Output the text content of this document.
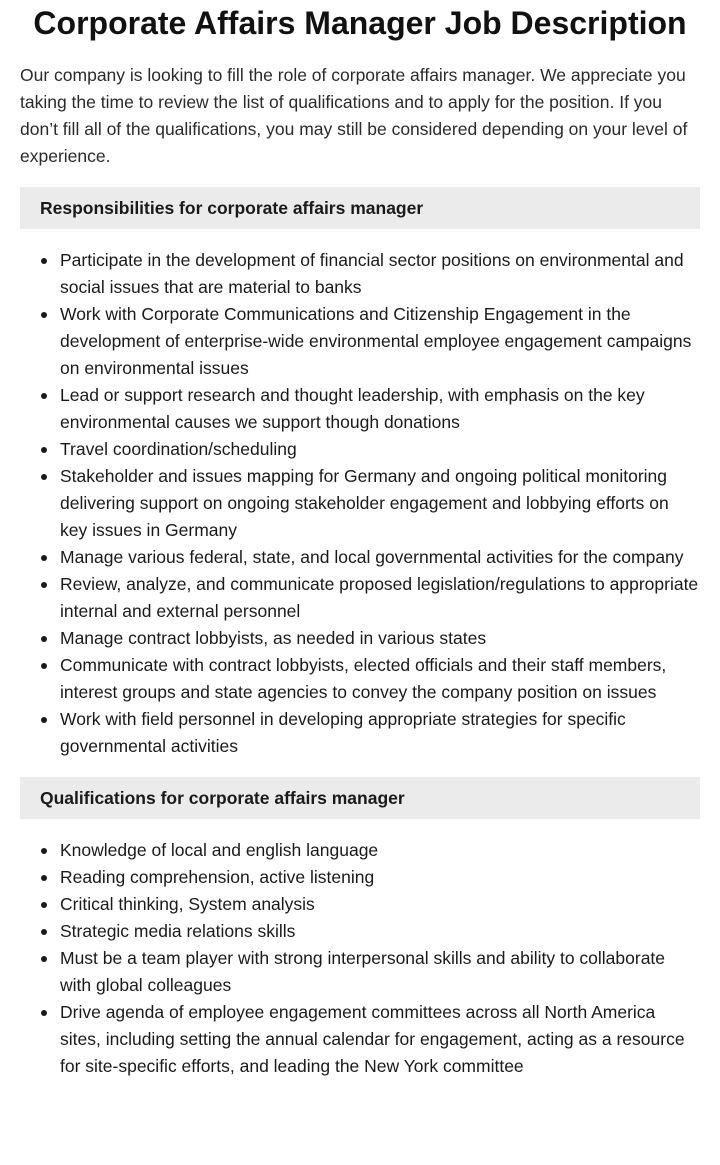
Corporate Affairs Manager Job Description

Our company is looking to fill the role of corporate affairs manager. We appreciate you taking the time to review the list of qualifications and to apply for the position. If you don’t fill all of the qualifications, you may still be considered depending on your level of experience.

Responsibilities for corporate affairs manager
Participate in the development of financial sector positions on environmental and social issues that are material to banks
Work with Corporate Communications and Citizenship Engagement in the development of enterprise-wide environmental employee engagement campaigns on environmental issues
Lead or support research and thought leadership, with emphasis on the key environmental causes we support though donations
Travel coordination/scheduling
Stakeholder and issues mapping for Germany and ongoing political monitoring delivering support on ongoing stakeholder engagement and lobbying efforts on key issues in Germany
Manage various federal, state, and local governmental activities for the company
Review, analyze, and communicate proposed legislation/regulations to appropriate internal and external personnel
Manage contract lobbyists, as needed in various states
Communicate with contract lobbyists, elected officials and their staff members, interest groups and state agencies to convey the company position on issues
Work with field personnel in developing appropriate strategies for specific governmental activities
Qualifications for corporate affairs manager
Knowledge of local and english language
Reading comprehension, active listening
Critical thinking, System analysis
Strategic media relations skills
Must be a team player with strong interpersonal skills and ability to collaborate with global colleagues
Drive agenda of employee engagement committees across all North America sites, including setting the annual calendar for engagement, acting as a resource for site-specific efforts, and leading the New York committee
